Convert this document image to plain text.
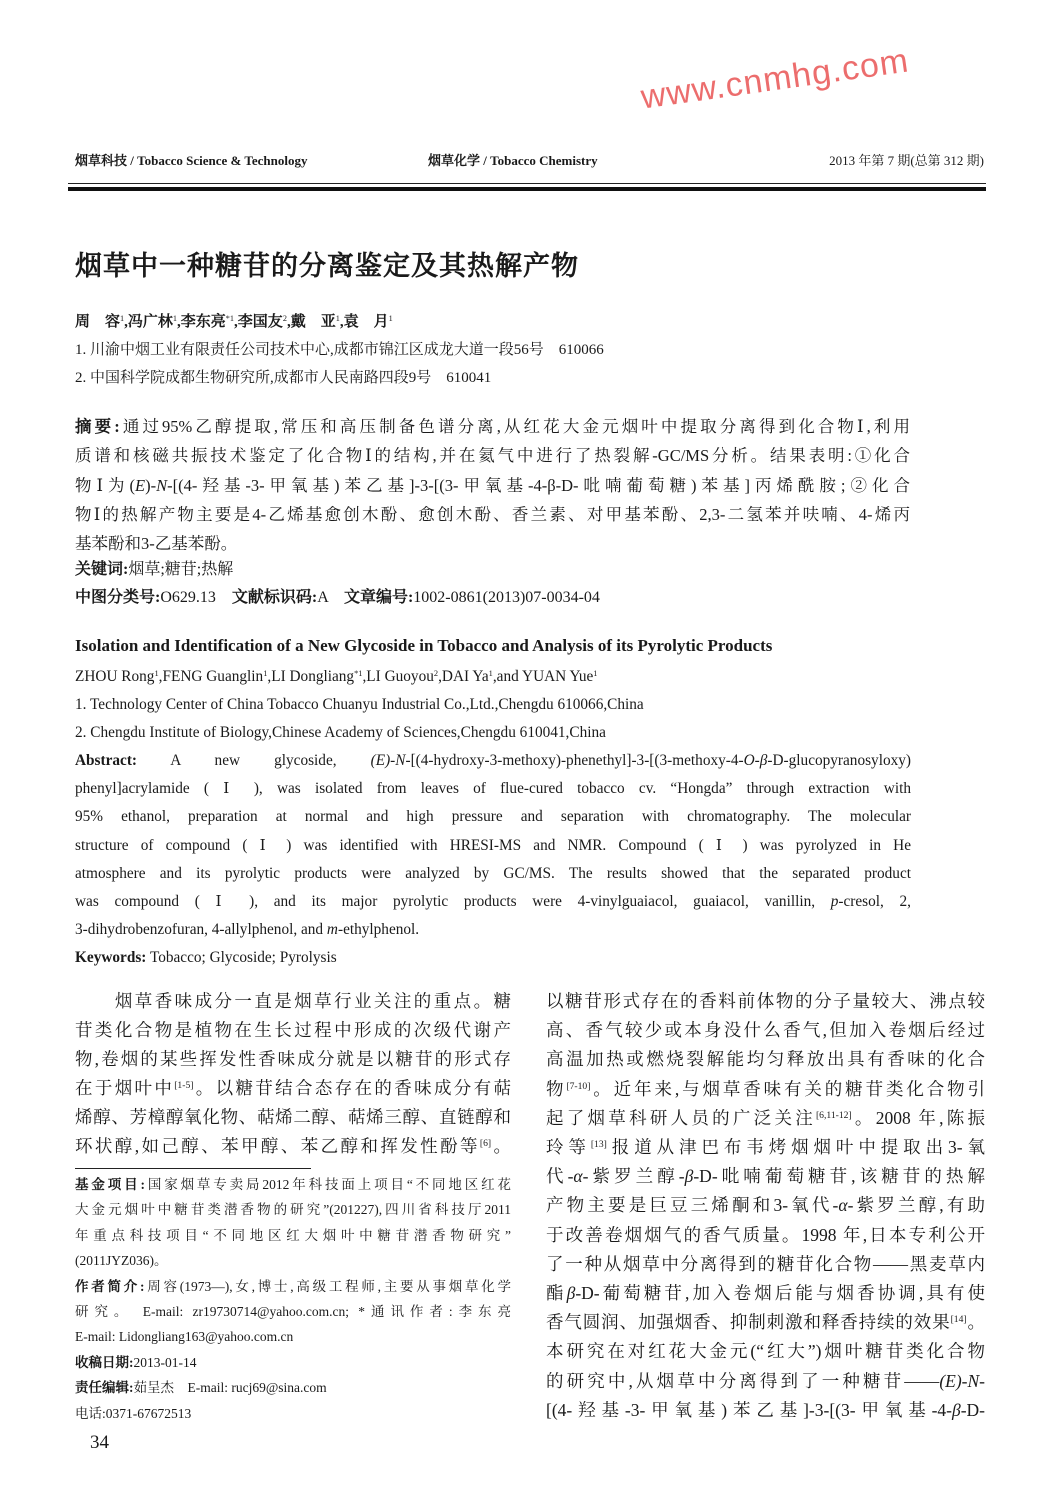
烟草科技 / Tobacco Science & Technology	烟草化学 / Tobacco Chemistry	2013 年第 7 期(总第 312 期)
烟草中一种糖苷的分离鉴定及其热解产物
周　容$^1$,冯广林$^1$,李东亮$^{*1}$,李国友$^2$,戴　亚$^1$,袁　月$^1$
1. 川渝中烟工业有限责任公司技术中心,成都市锦江区成龙大道一段56号　610066
2. 中国科学院成都生物研究所,成都市人民南路四段9号　610041
摘要:通过95%乙醇提取,常压和高压制备色谱分离,从红花大金元烟叶中提取分离得到化合物Ⅰ,利用
质谱和核磁共振技术鉴定了化合物Ⅰ的结构,并在氦气中进行了热裂解-GC/MS分析。结果表明:①化合
物Ⅰ为(E)-N-[(4-羟基-3-甲氧基)苯乙基]-3-[(3-甲氧基-4-β-D-吡喃葡萄糖)苯基]丙烯酰胺;②化合
物Ⅰ的热解产物主要是4-乙烯基愈创木酚、愈创木酚、香兰素、对甲基苯酚、2,3-二氢苯并呋喃、4-烯丙
基苯酚和3-乙基苯酚。
关键词:烟草;糖苷;热解
中图分类号:O629.13　文献标识码:A　文章编号:1002-0861(2013)07-0034-04
Isolation and Identification of a New Glycoside in Tobacco and Analysis of its Pyrolytic Products
ZHOU Rong$^1$,FENG Guanglin$^1$,LI Dongliang$^{*1}$,LI Guoyou$^2$,DAI Ya$^1$,and YUAN Yue$^1$
1. Technology Center of China Tobacco Chuanyu Industrial Co.,Ltd.,Chengdu 610066,China
2. Chengdu Institute of Biology,Chinese Academy of Sciences,Chengdu 610041,China
Abstract: A new glycoside, (E)-N-[(4-hydroxy-3-methoxy)-phenethyl]-3-[(3-methoxy-4-O-β-D-glucopyranosyloxy)
phenyl]acrylamide ( Ⅰ ), was isolated from leaves of flue-cured tobacco cv. “Hongda” through extraction with
95% ethanol, preparation at normal and high pressure and separation with chromatography. The molecular
structure of compound ( Ⅰ ) was identified with HRESI-MS and NMR. Compound ( Ⅰ ) was pyrolyzed in He
atmosphere and its pyrolytic products were analyzed by GC/MS. The results showed that the separated product
was compound ( Ⅰ ), and its major pyrolytic products were 4-vinylguaiacol, guaiacol, vanillin, p-cresol, 2,
3-dihydrobenzofuran, 4-allylphenol, and m-ethylphenol.
Keywords: Tobacco; Glycoside; Pyrolysis
　　烟草香味成分一直是烟草行业关注的重点。糖
苷类化合物是植物在生长过程中形成的次级代谢产
物,卷烟的某些挥发性香味成分就是以糖苷的形式存
在于烟叶中[1-5]。以糖苷结合态存在的香味成分有萜
烯醇、芳樟醇氧化物、萜烯二醇、萜烯三醇、直链醇和
环状醇,如己醇、苯甲醇、苯乙醇和挥发性酚等[6]。
基金项目:国家烟草专卖局2012年科技面上项目“不同地区红花
大金元烟叶中糖苷类潜香物的研究”(201227),四川省科技厅2011
年重点科技项目“不同地区红大烟叶中糖苷潜香物研究”
(2011JYZ036)。
作者简介:周容(1973—),女,博士,高级工程师,主要从事烟草化学
研究。 E-mail: zr19730714@yahoo.com.cn; *通讯作者:李东亮
E-mail: Lidongliang163@yahoo.com.cn
收稿日期:2013-01-14
责任编辑:茹呈杰　E-mail: rucj69@sina.com
电话:0371-67672513
34
以糖苷形式存在的香料前体物的分子量较大、沸点较
高、香气较少或本身没什么香气,但加入卷烟后经过
高温加热或燃烧裂解能均匀释放出具有香味的化合
物[7-10]。近年来,与烟草香味有关的糖苷类化合物引
起了烟草科研人员的广泛关注[6,11-12]。2008 年,陈振
玲等[13]报道从津巴布韦烤烟烟叶中提取出3-氧
代-α-紫罗兰醇-β-D-吡喃葡萄糖苷,该糖苷的热解
产物主要是巨豆三烯酮和3-氧代-α-紫罗兰醇,有助
于改善卷烟烟气的香气质量。1998 年,日本专利公开
了一种从烟草中分离得到的糖苷化合物——黑麦草内
酯β-D-葡萄糖苷,加入卷烟后能与烟香协调,具有使
香气圆润、加强烟香、抑制刺激和释香持续的效果[14]。
本研究在对红花大金元(“红大”)烟叶糖苷类化合物
的研究中,从烟草中分离得到了一种糖苷——(E)-N-
[(4-羟基-3-甲氧基)苯乙基]-3-[(3-甲氧基-4-β-D-
www.cnmhg.com
